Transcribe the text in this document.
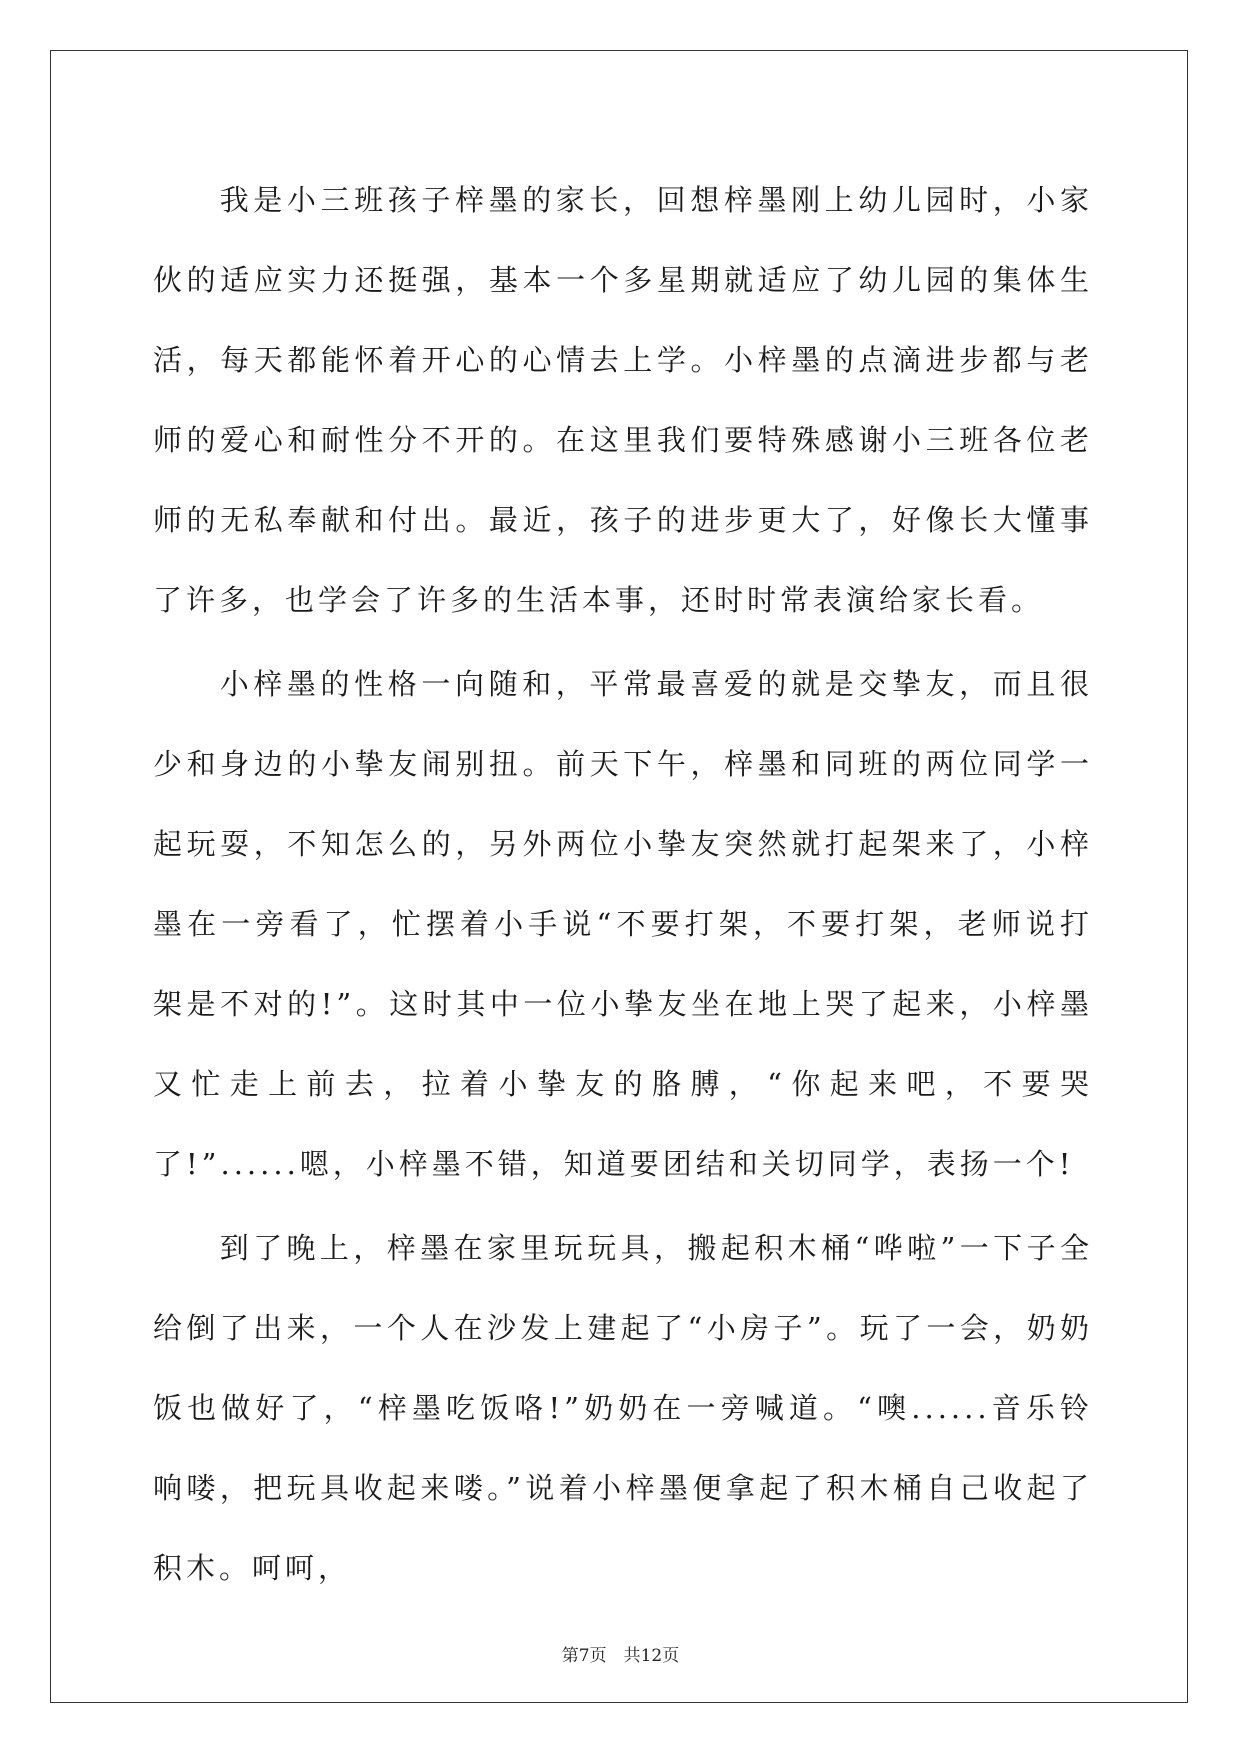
我是小三班孩子梓墨的家长，回想梓墨刚上幼儿园时，小家伙的适应实力还挺强，基本一个多星期就适应了幼儿园的集体生活，每天都能怀着开心的心情去上学。小梓墨的点滴进步都与老师的爱心和耐性分不开的。在这里我们要特殊感谢小三班各位老师的无私奉献和付出。最近，孩子的进步更大了，好像长大懂事了许多，也学会了许多的生活本事，还时时常表演给家长看。

小梓墨的性格一向随和，平常最喜爱的就是交挚友，而且很少和身边的小挚友闹别扭。前天下午，梓墨和同班的两位同学一起玩耍，不知怎么的，另外两位小挚友突然就打起架来了，小梓墨在一旁看了，忙摆着小手说“不要打架，不要打架，老师说打架是不对的!”。这时其中一位小挚友坐在地上哭了起来，小梓墨又忙走上前去，拉着小挚友的胳膊，“你起来吧，不要哭了!”......嗯，小梓墨不错，知道要团结和关切同学，表扬一个!

到了晚上，梓墨在家里玩玩具，搬起积木桶“哗啦”一下子全给倒了出来，一个人在沙发上建起了“小房子”。玩了一会，奶奶饭也做好了，“梓墨吃饭咯!”奶奶在一旁喊道。“噢......音乐铃响喽，把玩具收起来喽。”说着小梓墨便拿起了积木桶自己收起了积木。呵呵，

第7页　共12页
